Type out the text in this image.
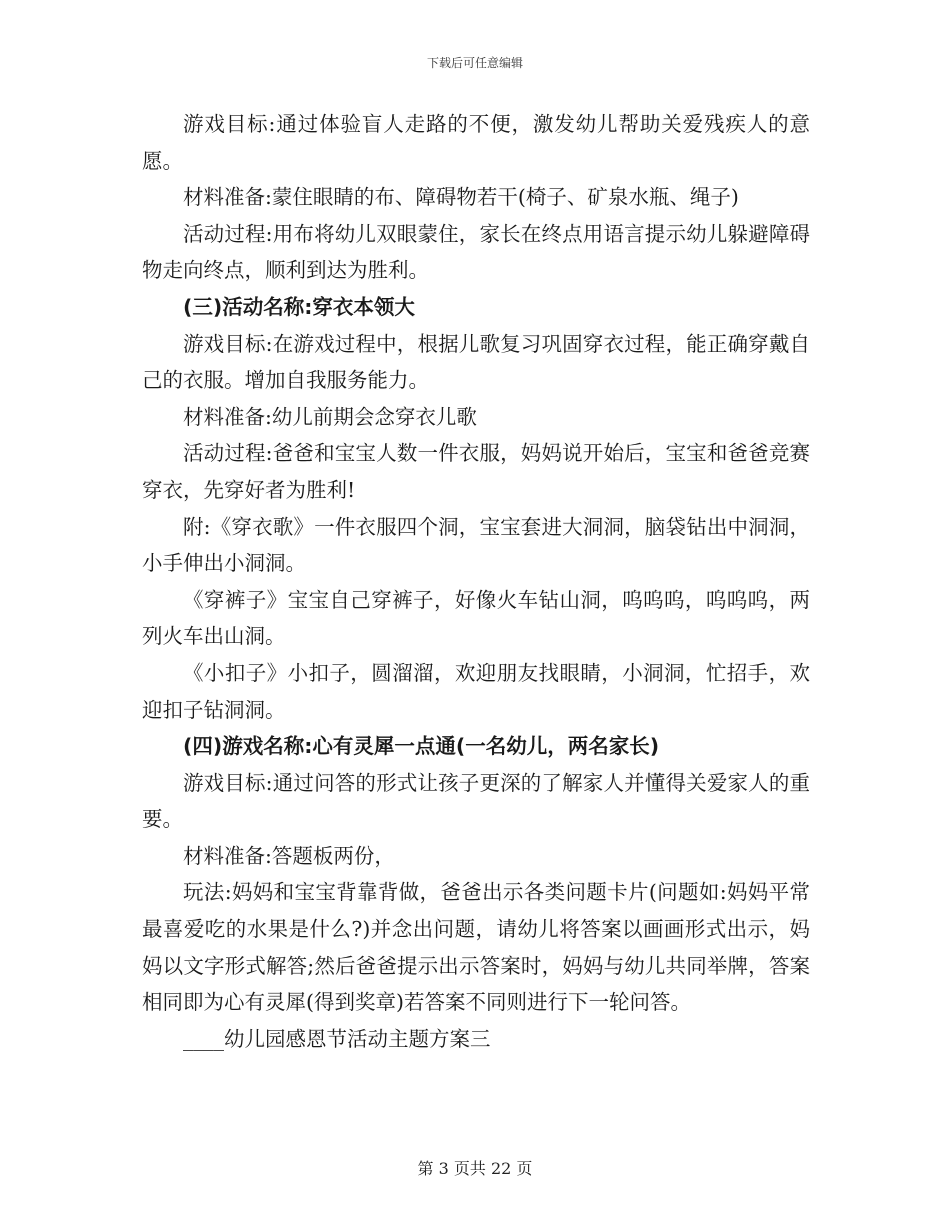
下载后可任意编辑

游戏目标:通过体验盲人走路的不便，激发幼儿帮助关爱残疾人的意愿。

材料准备:蒙住眼睛的布、障碍物若干(椅子、矿泉水瓶、绳子)

活动过程:用布将幼儿双眼蒙住，家长在终点用语言提示幼儿躲避障碍物走向终点，顺利到达为胜利。

(三)活动名称:穿衣本领大

游戏目标:在游戏过程中，根据儿歌复习巩固穿衣过程，能正确穿戴自己的衣服。增加自我服务能力。

材料准备:幼儿前期会念穿衣儿歌

活动过程:爸爸和宝宝人数一件衣服，妈妈说开始后，宝宝和爸爸竞赛穿衣，先穿好者为胜利!

附:《穿衣歌》一件衣服四个洞，宝宝套进大洞洞，脑袋钻出中洞洞，小手伸出小洞洞。

《穿裤子》宝宝自己穿裤子，好像火车钻山洞，呜呜呜，呜呜呜，两列火车出山洞。

《小扣子》小扣子，圆溜溜，欢迎朋友找眼睛，小洞洞，忙招手，欢迎扣子钻洞洞。

(四)游戏名称:心有灵犀一点通(一名幼儿，两名家长)

游戏目标:通过问答的形式让孩子更深的了解家人并懂得关爱家人的重要。

材料准备:答题板两份，

玩法:妈妈和宝宝背靠背做，爸爸出示各类问题卡片(问题如:妈妈平常最喜爱吃的水果是什么?)并念出问题，请幼儿将答案以画画形式出示，妈妈以文字形式解答;然后爸爸提示出示答案时，妈妈与幼儿共同举牌，答案相同即为心有灵犀(得到奖章)若答案不同则进行下一轮问答。

____幼儿园感恩节活动主题方案三

第 3 页共 22 页
